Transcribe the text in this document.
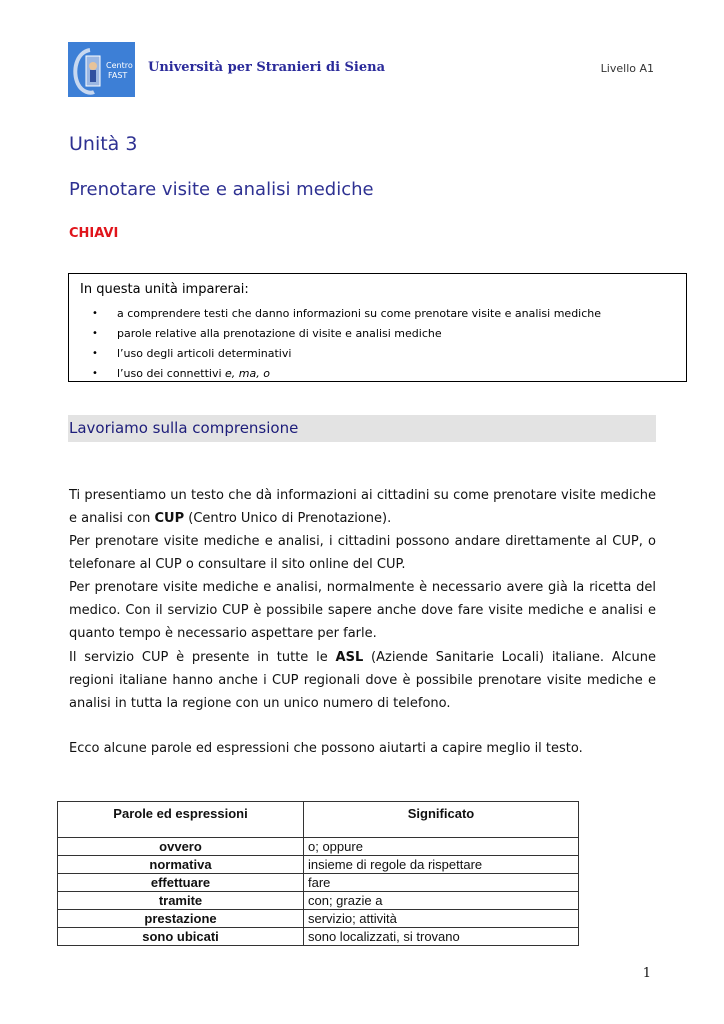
Centro
FAST
Università per Stranieri di Siena	Livello A1
Unità 3
Prenotare visite e analisi mediche
CHIAVI
In questa unità imparerai:
• a comprendere testi che danno informazioni su come prenotare visite e analisi mediche
• parole relative alla prenotazione di visite e analisi mediche
• l’uso degli articoli determinativi
• l’uso dei connettivi e, ma, o
Lavoriamo sulla comprensione
Ti presentiamo un testo che dà informazioni ai cittadini su come prenotare visite mediche e analisi con CUP (Centro Unico di Prenotazione).
Per prenotare visite mediche e analisi, i cittadini possono andare direttamente al CUP, o telefonare al CUP o consultare il sito online del CUP.
Per prenotare visite mediche e analisi, normalmente è necessario avere già la ricetta del medico. Con il servizio CUP è possibile sapere anche dove fare visite mediche e analisi e quanto tempo è necessario aspettare per farle.
Il servizio CUP è presente in tutte le ASL (Aziende Sanitarie Locali) italiane. Alcune regioni italiane hanno anche i CUP regionali dove è possibile prenotare visite mediche e analisi in tutta la regione con un unico numero di telefono.
Ecco alcune parole ed espressioni che possono aiutarti a capire meglio il testo.
Parole ed espressioni	Significato
ovvero	o; oppure
normativa	insieme di regole da rispettare
effettuare	fare
tramite	con; grazie a
prestazione	servizio; attività
sono ubicati	sono localizzati, si trovano
1
